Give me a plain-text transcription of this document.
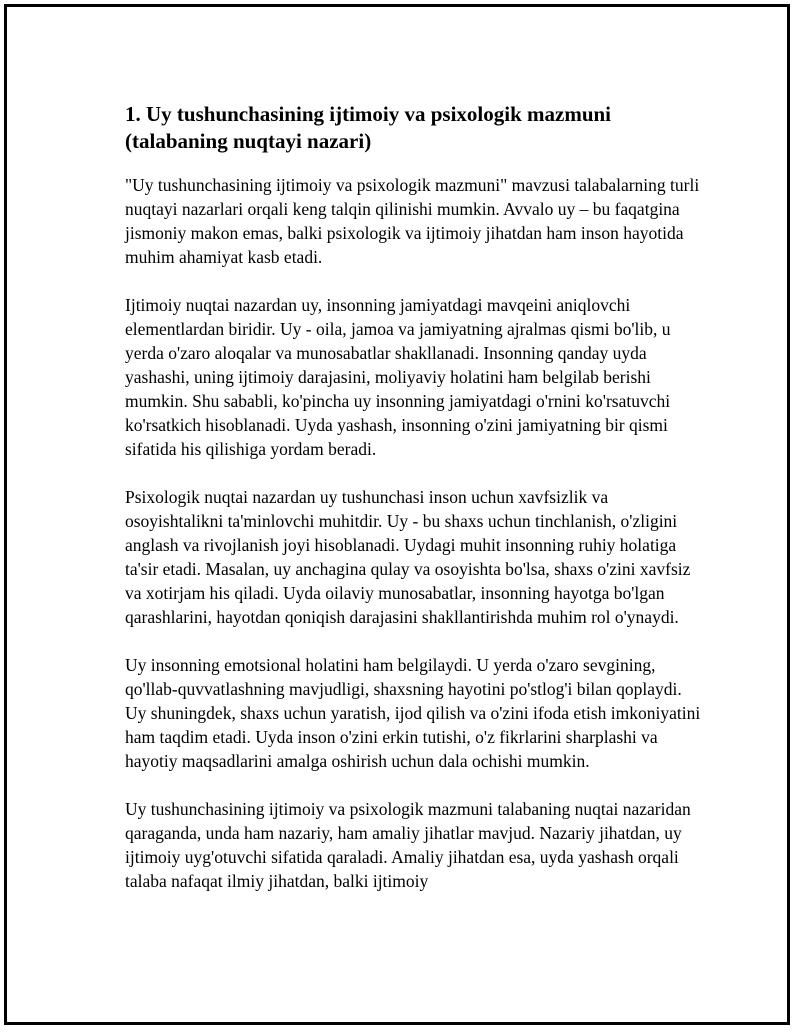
1. Uy tushunchasining ijtimoiy va psixologik mazmuni (talabaning nuqtayi nazari)

"Uy tushunchasining ijtimoiy va psixologik mazmuni" mavzusi talabalarning turli nuqtayi nazarlari orqali keng talqin qilinishi mumkin. Avvalo uy – bu faqatgina jismoniy makon emas, balki psixologik va ijtimoiy jihatdan ham inson hayotida muhim ahamiyat kasb etadi.

Ijtimoiy nuqtai nazardan uy, insonning jamiyatdagi mavqeini aniqlovchi elementlardan biridir. Uy - oila, jamoa va jamiyatning ajralmas qismi bo'lib, u yerda o'zaro aloqalar va munosabatlar shakllanadi. Insonning qanday uyda yashashi, uning ijtimoiy darajasini, moliyaviy holatini ham belgilab berishi mumkin. Shu sababli, ko'pincha uy insonning jamiyatdagi o'rnini ko'rsatuvchi ko'rsatkich hisoblanadi. Uyda yashash, insonning o'zini jamiyatning bir qismi sifatida his qilishiga yordam beradi.

Psixologik nuqtai nazardan uy tushunchasi inson uchun xavfsizlik va osoyishtalikni ta'minlovchi muhitdir. Uy - bu shaxs uchun tinchlanish, o'zligini anglash va rivojlanish joyi hisoblanadi. Uydagi muhit insonning ruhiy holatiga ta'sir etadi. Masalan, uy anchagina qulay va osoyishta bo'lsa, shaxs o'zini xavfsiz va xotirjam his qiladi. Uyda oilaviy munosabatlar, insonning hayotga bo'lgan qarashlarini, hayotdan qoniqish darajasini shakllantirishda muhim rol o'ynaydi.

Uy insonning emotsional holatini ham belgilaydi. U yerda o'zaro sevgining, qo'llab-quvvatlashning mavjudligi, shaxsning hayotini po'stlog'i bilan qoplaydi. Uy shuningdek, shaxs uchun yaratish, ijod qilish va o'zini ifoda etish imkoniyatini ham taqdim etadi. Uyda inson o'zini erkin tutishi, o'z fikrlarini sharplashi va hayotiy maqsadlarini amalga oshirish uchun dala ochishi mumkin.

Uy tushunchasining ijtimoiy va psixologik mazmuni talabaning nuqtai nazaridan qaraganda, unda ham nazariy, ham amaliy jihatlar mavjud. Nazariy jihatdan, uy ijtimoiy uyg'otuvchi sifatida qaraladi. Amaliy jihatdan esa, uyda yashash orqali talaba nafaqat ilmiy jihatdan, balki ijtimoiy
